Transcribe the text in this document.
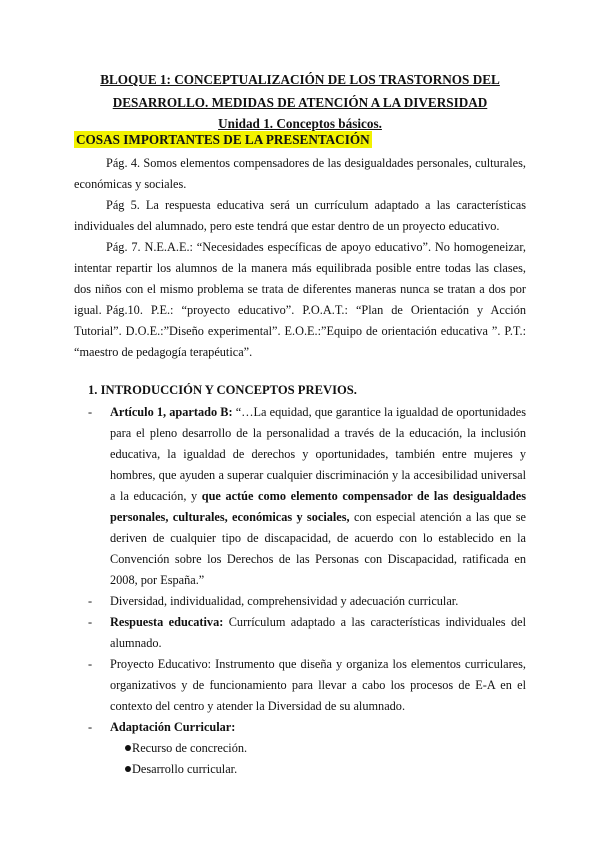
BLOQUE 1: CONCEPTUALIZACIÓN DE LOS TRASTORNOS DEL
DESARROLLO. MEDIDAS DE ATENCIÓN A LA DIVERSIDAD
Unidad 1. Conceptos básicos.
COSAS IMPORTANTES DE LA PRESENTACIÓN

Pág. 4. Somos elementos compensadores de las desigualdades personales, culturales, económicas y sociales.

Pág 5. La respuesta educativa será un currículum adaptado a las características individuales del alumnado, pero este tendrá que estar dentro de un proyecto educativo.

Pág. 7. N.E.A.E.: “Necesidades específicas de apoyo educativo”. No homogeneizar, intentar repartir los alumnos de la manera más equilibrada posible entre todas las clases, dos niños con el mismo problema se trata de diferentes maneras nunca se tratan a dos por igual. Pág.10. P.E.: “proyecto educativo”. P.O.A.T.: “Plan de Orientación y Acción Tutorial”. D.O.E.:”Diseño experimental”. E.O.E.:”Equipo de orientación educativa ”. P.T.: “maestro de pedagogía terapéutica”.

1. INTRODUCCIÓN Y CONCEPTOS PREVIOS.
- Artículo 1, apartado B: “…La equidad, que garantice la igualdad de oportunidades para el pleno desarrollo de la personalidad a través de la educación, la inclusión educativa, la igualdad de derechos y oportunidades, también entre mujeres y hombres, que ayuden a superar cualquier discriminación y la accesibilidad universal a la educación, y que actúe como elemento compensador de las desigualdades personales, culturales, económicas y sociales, con especial atención a las que se deriven de cualquier tipo de discapacidad, de acuerdo con lo establecido en la Convención sobre los Derechos de las Personas con Discapacidad, ratificada en 2008, por España.”
- Diversidad, individualidad, comprehensividad y adecuación curricular.
- Respuesta educativa: Currículum adaptado a las características individuales del alumnado.
- Proyecto Educativo: Instrumento que diseña y organiza los elementos curriculares, organizativos y de funcionamiento para llevar a cabo los procesos de E-A en el contexto del centro y atender la Diversidad de su alumnado.
- Adaptación Curricular:
Recurso de concreción.
Desarrollo curricular.
